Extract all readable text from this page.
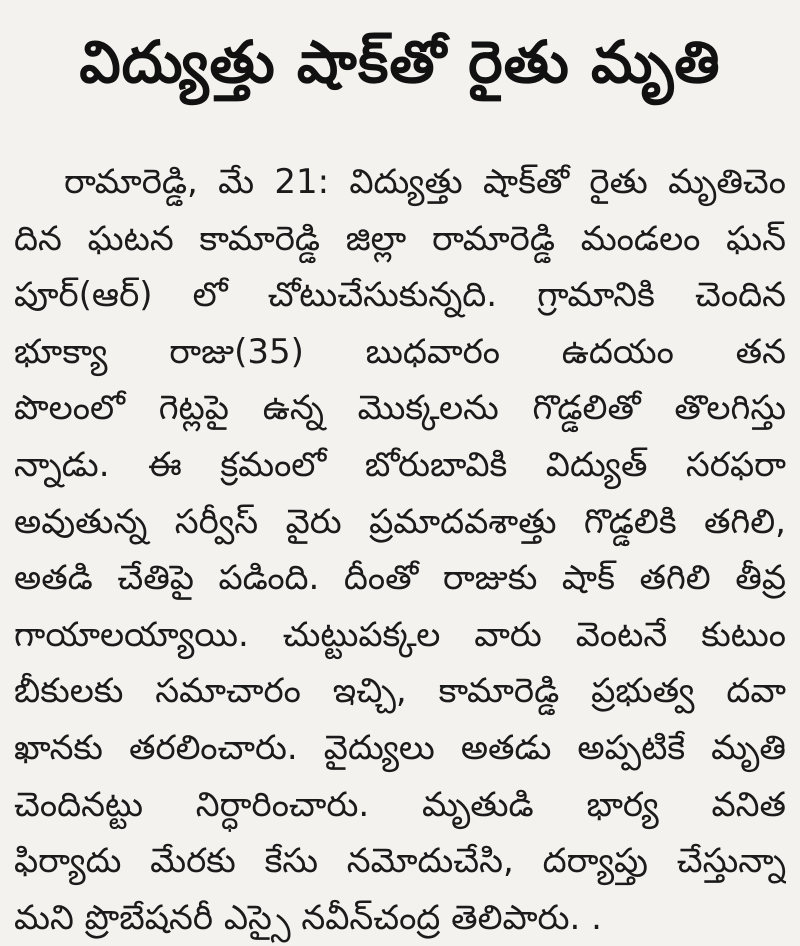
విద్యుత్తు షాక్‌తో రైతు మృతి
రామారెడ్డి, మే 21: విద్యుత్తు షాక్‌తో రైతు మృతిచెం
దిన ఘటన కామారెడ్డి జిల్లా రామారెడ్డి మండలం ఘన్
పూర్(ఆర్) లో చోటుచేసుకున్నది. గ్రామానికి చెందిన
భూక్యా రాజు(35) బుధవారం ఉదయం తన
పొలంలో గెట్లపై ఉన్న మొక్కలను గొడ్డలితో తొలగిస్తు
న్నాడు. ఈ క్రమంలో బోరుబావికి విద్యుత్ సరఫరా
అవుతున్న సర్వీస్ వైరు ప్రమాదవశాత్తు గొడ్డలికి తగిలి,
అతడి చేతిపై పడింది. దీంతో రాజుకు షాక్ తగిలి తీవ్ర
గాయాలయ్యాయి. చుట్టుపక్కల వారు వెంటనే కుటుం
బీకులకు సమాచారం ఇచ్చి, కామారెడ్డి ప్రభుత్వ దవా
ఖానకు తరలించారు. వైద్యులు అతడు అప్పటికే మృతి
చెందినట్టు నిర్ధారించారు. మృతుడి భార్య వనిత
ఫిర్యాదు మేరకు కేసు నమోదుచేసి, దర్యాప్తు చేస్తున్నా
మని ప్రొబేషనరీ ఎస్సై నవీన్‌చంద్ర తెలిపారు. .
